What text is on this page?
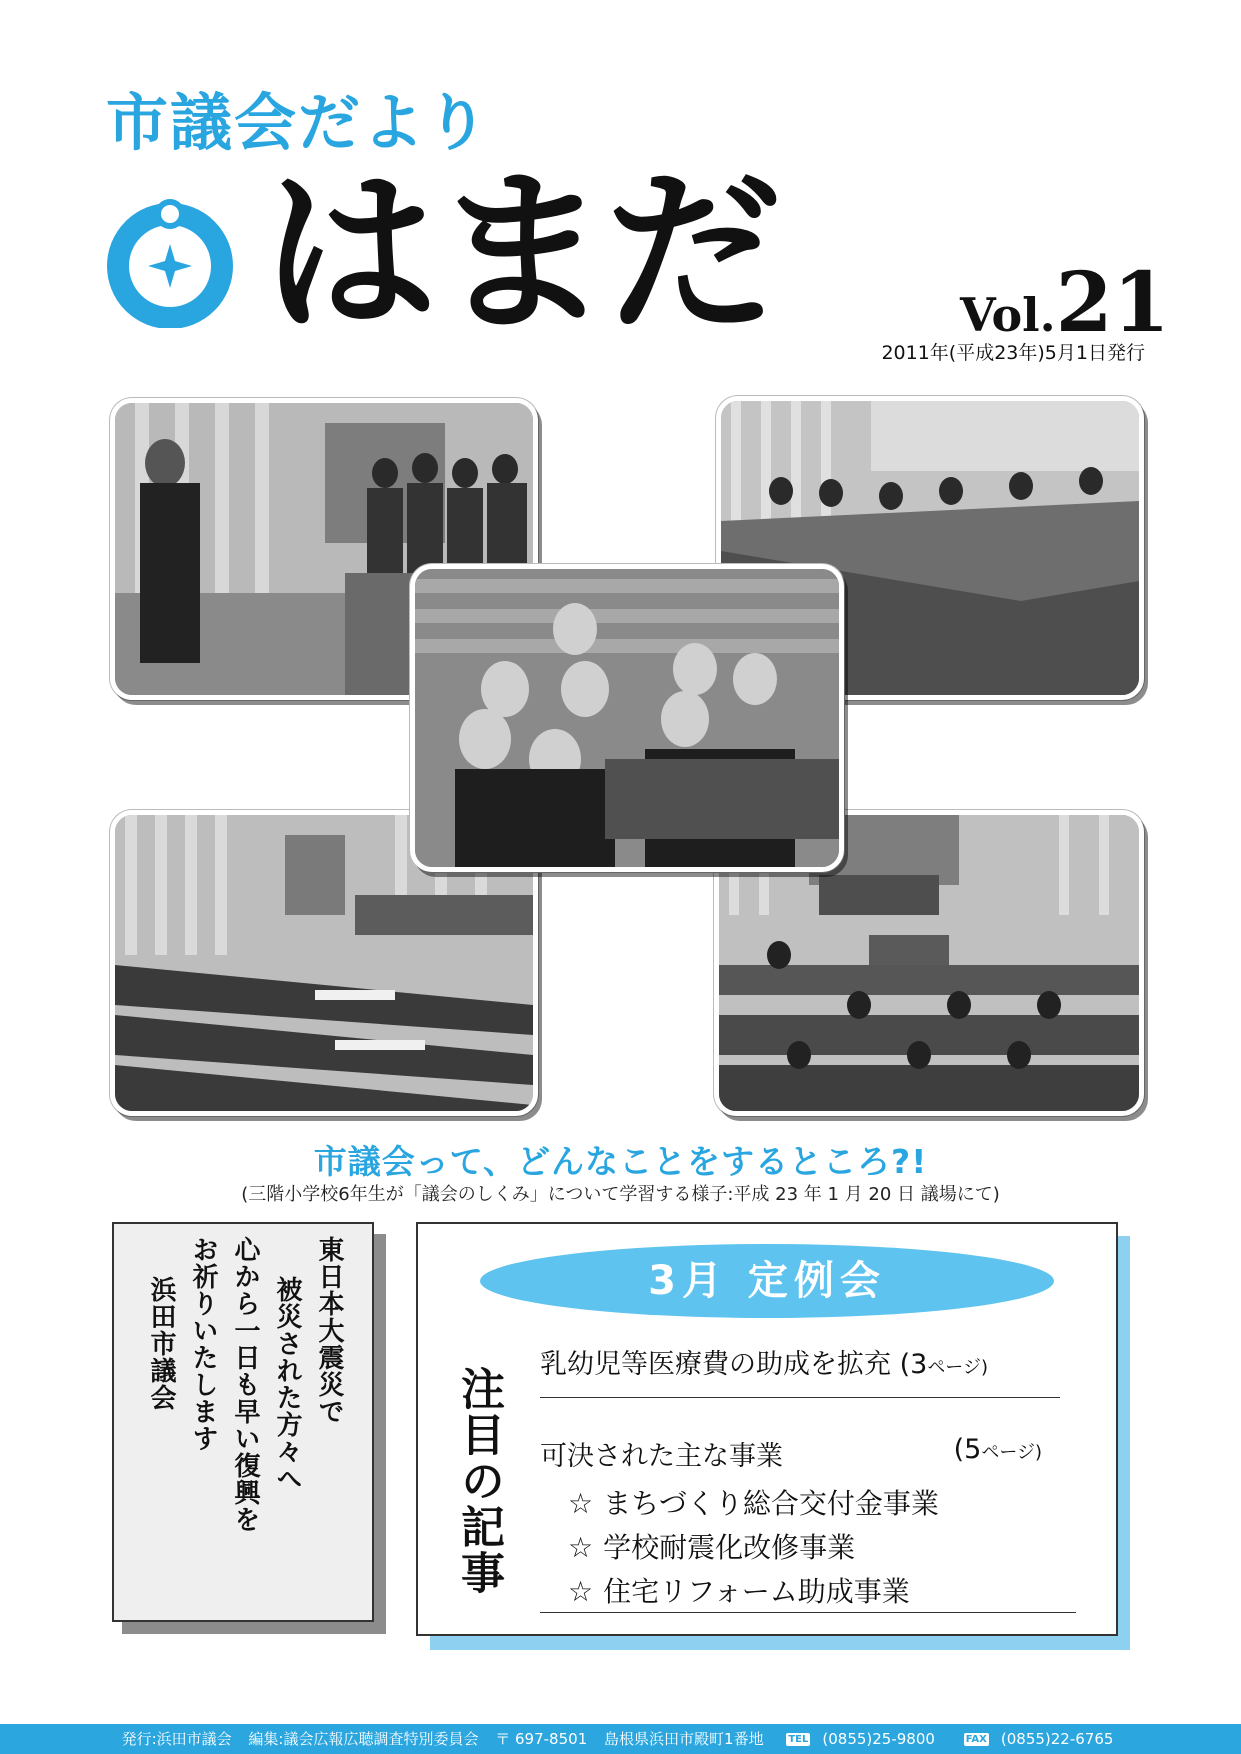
市議会だより
はまだ	Vol.21
2011年(平成23年)5月1日発行
市議会って、どんなことをするところ?!
(三階小学校6年生が「議会のしくみ」について学習する様子:平成 23 年 1 月 20 日 議場にて)
東日本大震災で
被災された方々へ
心から一日も早い復興を
お祈りいたします
浜田市議会	3月 定例会
注目の記事
乳幼児等医療費の助成を拡充 (3ページ)
可決された主な事業	(5ページ)
☆ まちづくり総合交付金事業
☆ 学校耐震化改修事業
☆ 住宅リフォーム助成事業
発行:浜田市議会 編集:議会広報広聴調査特別委員会 〒 697-8501 島根県浜田市殿町1番地 TEL (0855)25-9800	FAX (0855)22-6765
